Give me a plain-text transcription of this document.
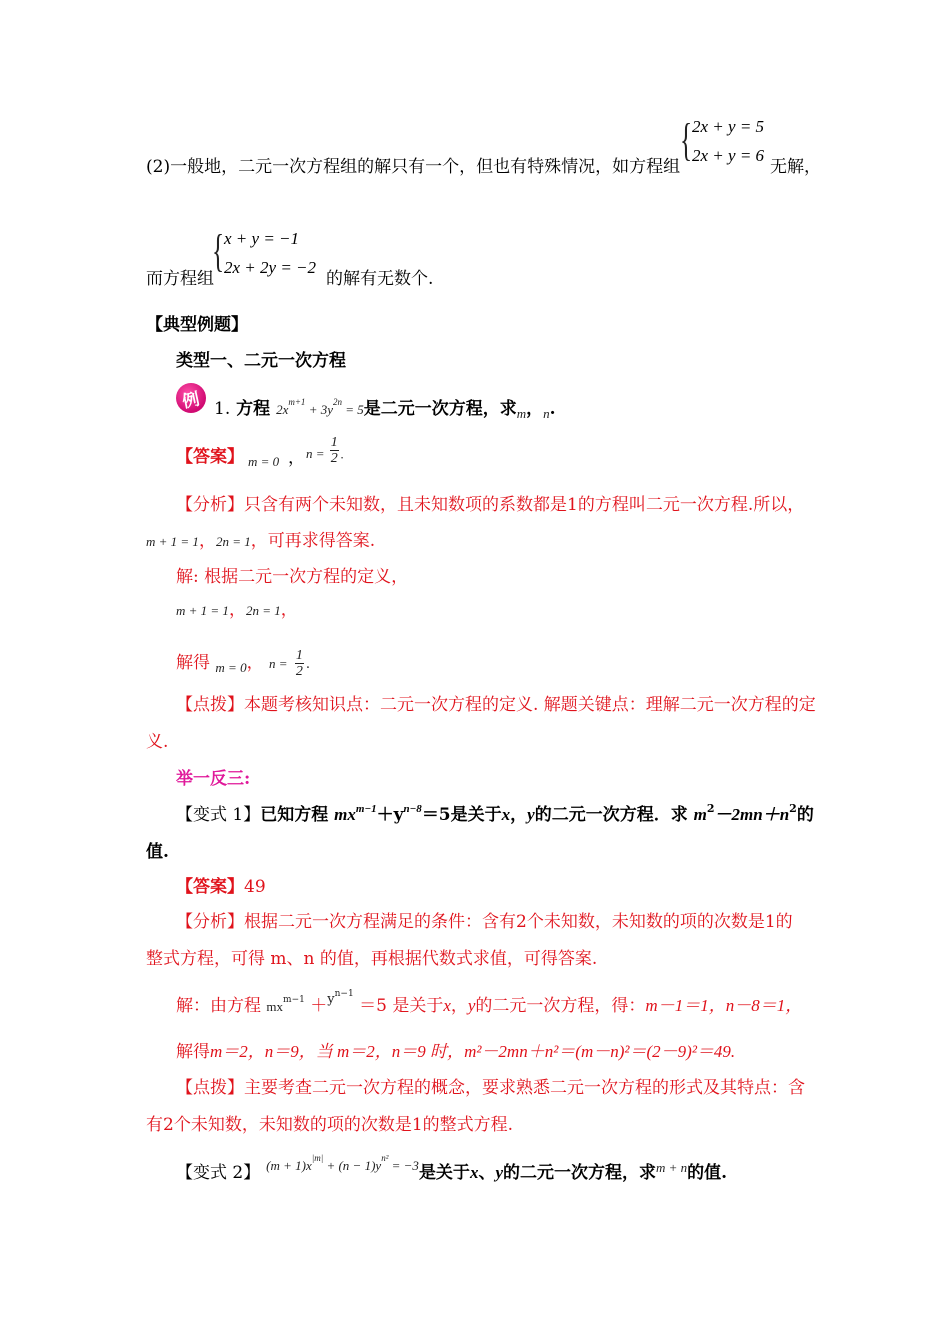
(2)一般地，二元一次方程组的解只有一个，但也有特殊情况，如方程组
{ 2x + y = 5
2x + y = 6
无解，
而方程组
{ x + y = −1
2x + 2y = −2
的解有无数个.
【典型例题】
类型一、二元一次方程
例 1. 方程 $2x^{m+1} + 3y^{2n} = 5$是二元一次方程，求$_m$，$_n$.
【答案】 m = 0 ， $n = \frac{1}{2}$ .
【分析】只含有两个未知数，且未知数项的系数都是1的方程叫二元一次方程.所以，
m + 1 = 1，2n = 1，可再求得答案.
解: 根据二元一次方程的定义，
m + 1 = 1，2n = 1，
解得 $_{m = 0}$， $n = \frac{1}{2}$ .
【点拨】本题考核知识点：二元一次方程的定义. 解题关键点：理解二元一次方程的定
义.
举一反三:
【变式 1】已知方程 $mx^{m-1}+y^{n-8}=5$是关于x，y的二元一次方程．求 $m^2-2mn+n^2$的
值.
【答案】49
【分析】根据二元一次方程满足的条件：含有2个未知数，未知数的项的次数是1的
整式方程，可得 m、n 的值，再根据代数式求值，可得答案.
解：由方程 $mx^{m-1} +^{yn-1} =5$ 是关于x，y的二元一次方程，得：m－1＝1，n－8＝1，
解得m＝2，n＝9，当 m＝2，n＝9 时，m²－2mn＋n²＝(m－n)²＝(2－9)²＝49.
【点拨】主要考查二元一次方程的概念，要求熟悉二元一次方程的形式及其特点：含
有2个未知数，未知数的项的次数是1的整式方程.
【变式 2】 $^{(m + 1)x^{|m|} + (n - 1)y^{n^2} = -3}$是关于x、y的二元一次方程，求$^{m + n}$的值.
